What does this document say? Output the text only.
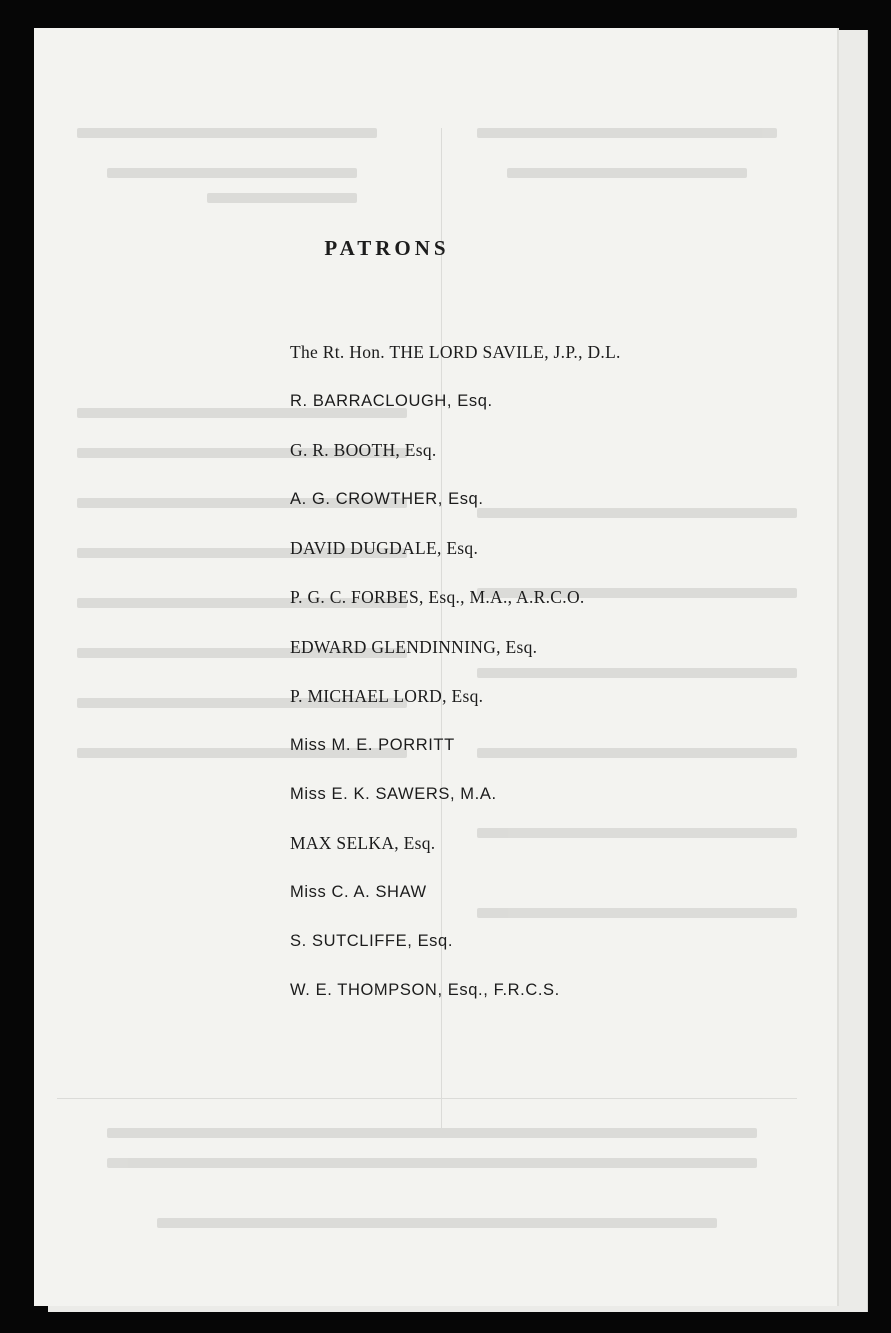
PATRONS
The Rt. Hon. THE LORD SAVILE, J.P., D.L.
R. BARRACLOUGH, Esq.
G. R. BOOTH, Esq.
A. G. CROWTHER, Esq.
DAVID DUGDALE, Esq.
P. G. C. FORBES, Esq., M.A., A.R.C.O.
EDWARD GLENDINNING, Esq.
P. MICHAEL LORD, Esq.
Miss M. E. PORRITT
Miss E. K. SAWERS, M.A.
MAX SELKA, Esq.
Miss C. A. SHAW
S. SUTCLIFFE, Esq.
W. E. THOMPSON, Esq., F.R.C.S.
